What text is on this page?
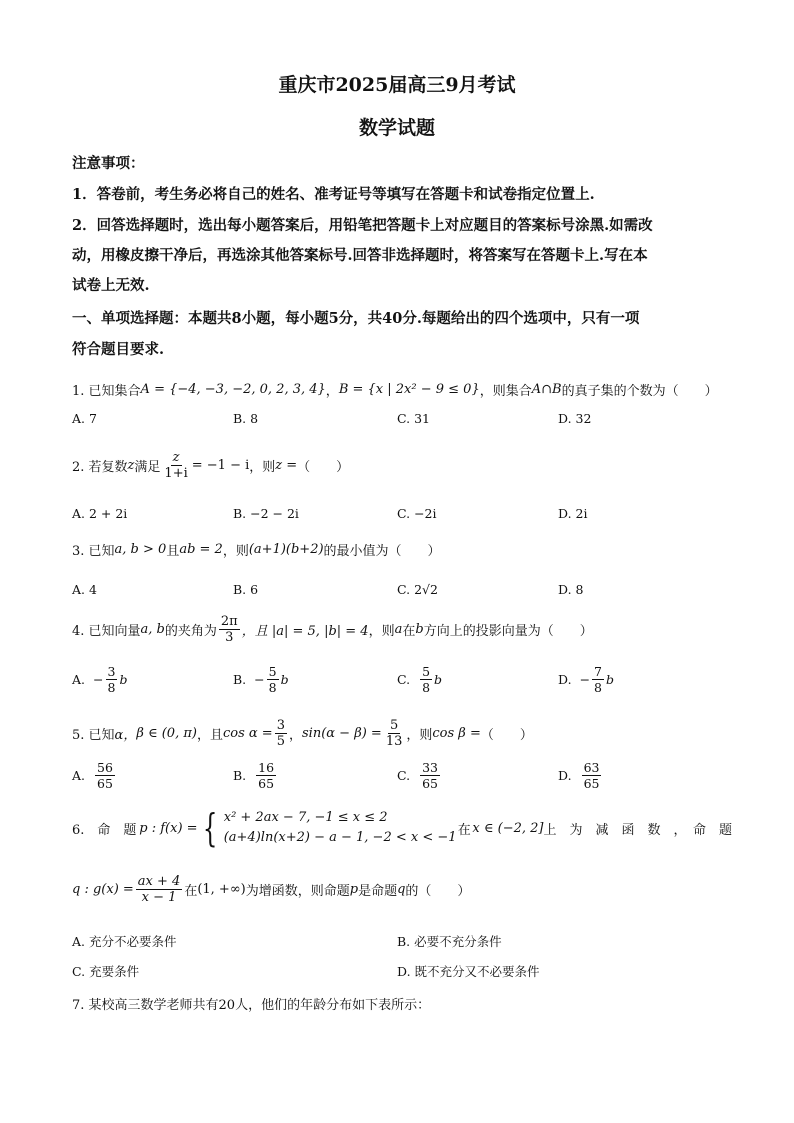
重庆市2025届高三9月考试
数学试题
注意事项：
1．答卷前，考生务必将自己的姓名、准考证号等填写在答题卡和试卷指定位置上.
2．回答选择题时，选出每小题答案后，用铅笔把答题卡上对应题目的答案标号涂黑.如需改
动，用橡皮擦干净后，再选涂其他答案标号.回答非选择题时，将答案写在答题卡上.写在本
试卷上无效.
一、单项选择题：本题共8小题，每小题5分，共40分.每题给出的四个选项中，只有一项
符合题目要求.
1. 已知集合 A = {−4, −3, −2, 0, 2, 3, 4} ， B = {x | 2x² − 9 ≤ 0} ，则集合 A∩B 的真子集的个数为（　　）
A. 7	B. 8	C. 31	D. 32
2. 若复数 z 满足 $\frac{z}{1+i} = -1 - i$ ，则 z = （　　）
A. 2 + 2i	B. −2 − 2i	C. −2i	D. 2i
3. 已知 a, b > 0 且 ab = 2 ，则 (a+1)(b+2) 的最小值为（　　）
A. 4	B. 6	C. 2√2	D. 8
4. 已知向量 a, b 的夹角为 $\frac{2\pi}{3}$ ，且 |a| = 5, |b| = 4 ，则 a 在 b 方向上的投影向量为（　　）
A. − $\frac{3}{8}$ b	B. − $\frac{5}{8}$ b	C. $\frac{5}{8}$ b	D. − $\frac{7}{8}$ b
5. 已知 α， β ∈ (0, π) ，且 $\cos \alpha = \frac{3}{5}$ ， $\sin(\alpha - \beta) = \frac{5}{13}$ ，则 cos β = （　　）
A. $\frac{56}{65}$	B. $\frac{16}{65}$	C. $\frac{33}{65}$	D. $\frac{63}{65}$
6.　命　题 p : f(x) = { x² + 2ax − 7, −1 ≤ x ≤ 2
(a+4)ln(x+2) − a − 1, −2 < x < −1 在 x ∈ (−2, 2] 上　为　减　函　数　，　命　题
q : $g(x) = \frac{ax + 4}{x - 1}$ 在 (1, +∞) 为增函数，则命题 p 是命题 q 的（　　）
A. 充分不必要条件	B. 必要不充分条件
C. 充要条件	D. 既不充分又不必要条件
7. 某校高三数学老师共有20人，他们的年龄分布如下表所示：
